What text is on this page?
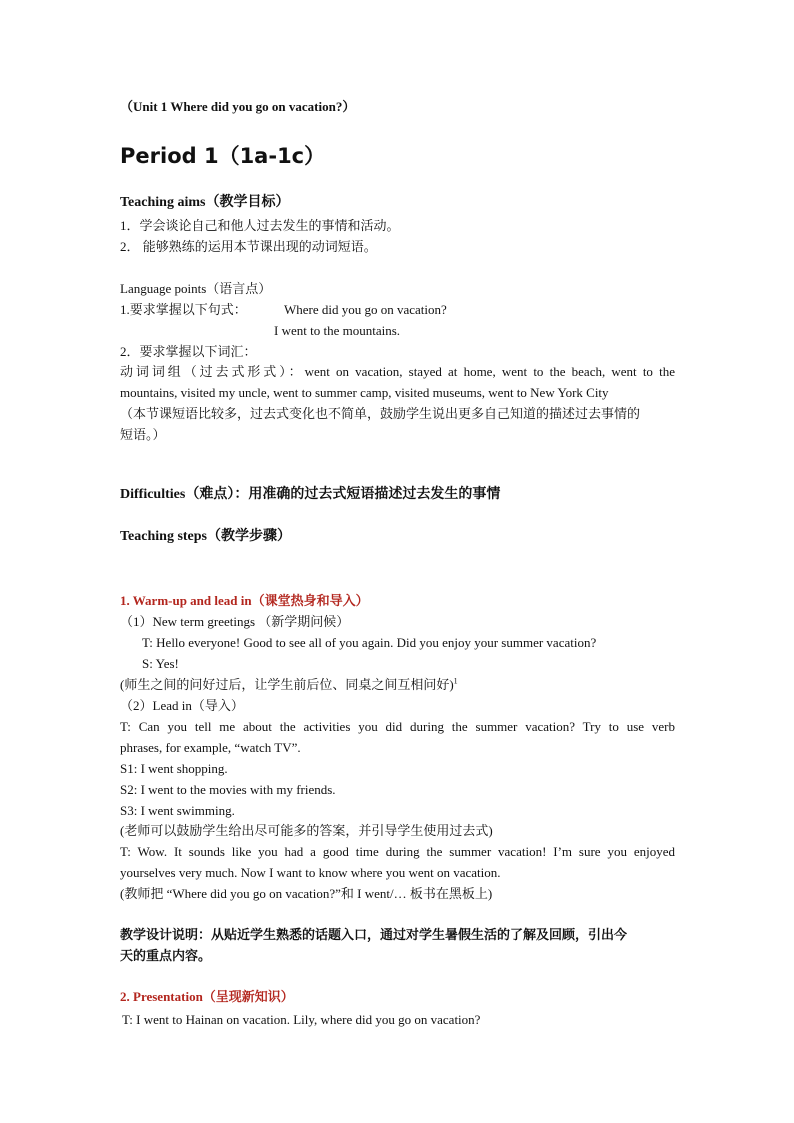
（Unit 1 Where did you go on vacation?）
Period 1（1a-1c）
Teaching aims（教学目标）
1．学会谈论自己和他人过去发生的事情和活动。
2． 能够熟练的运用本节课出现的动词短语。
Language points（语言点）
1.要求掌握以下句式：	Where did you go on vacation?
I went to the mountains.
2．要求掌握以下词汇：
动词词组（过去式形式）：went on vacation, stayed at home, went to the beach, went to the
mountains, visited my uncle, went to summer camp, visited museums, went to New York City
（本节课短语比较多，过去式变化也不简单，鼓励学生说出更多自己知道的描述过去事情的
短语。）
Difficulties（难点）：用准确的过去式短语描述过去发生的事情
Teaching steps（教学步骤）
1. Warm-up and lead in（课堂热身和导入）
（1）New term greetings （新学期问候）
T: Hello everyone! Good to see all of you again. Did you enjoy your summer vacation?
S: Yes!
(师生之间的问好过后，让学生前后位、同桌之间互相问好)$^1$
（2）Lead in（导入）
T: Can you tell me about the activities you did during the summer vacation? Try to use verb
phrases, for example, “watch TV”.
S1: I went shopping.
S2: I went to the movies with my friends.
S3: I went swimming.
(老师可以鼓励学生给出尽可能多的答案，并引导学生使用过去式)
T: Wow. It sounds like you had a good time during the summer vacation! I’m sure you enjoyed
yourselves very much. Now I want to know where you went on vacation.
(教师把 “Where did you go on vacation?”和 I went/… 板书在黑板上)
教学设计说明：从贴近学生熟悉的话题入口，通过对学生暑假生活的了解及回顾，引出今
天的重点内容。
2. Presentation（呈现新知识）
T: I went to Hainan on vacation. Lily, where did you go on vacation?
